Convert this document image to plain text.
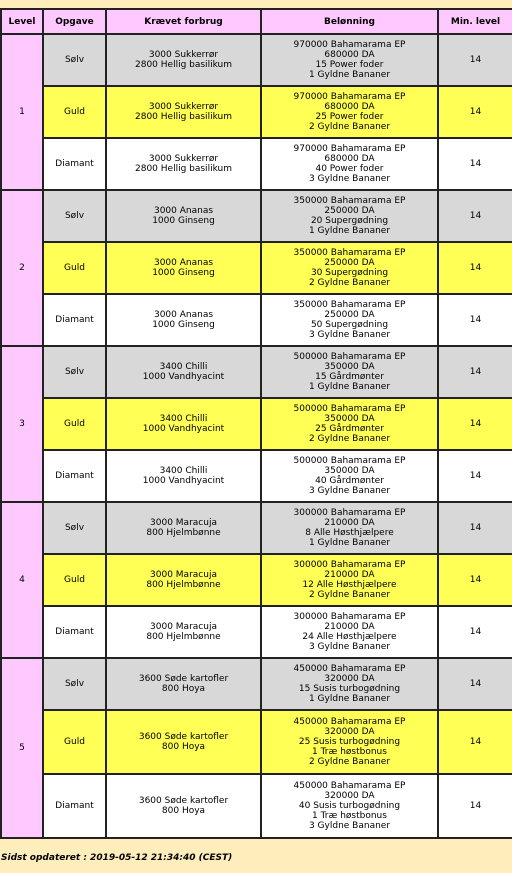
Level	Opgave	Krævet forbrug	Belønning	Min. level
1	Sølv	3000 Sukkerrør
2800 Hellig basilikum	970000 Bahamarama EP
680000 DA
15 Power foder
1 Gyldne Bananer	14
	Guld	3000 Sukkerrør
2800 Hellig basilikum	970000 Bahamarama EP
680000 DA
25 Power foder
2 Gyldne Bananer	14
	Diamant	3000 Sukkerrør
2800 Hellig basilikum	970000 Bahamarama EP
680000 DA
40 Power foder
3 Gyldne Bananer	14
2	Sølv	3000 Ananas
1000 Ginseng	350000 Bahamarama EP
250000 DA
20 Supergødning
1 Gyldne Bananer	14
	Guld	3000 Ananas
1000 Ginseng	350000 Bahamarama EP
250000 DA
30 Supergødning
2 Gyldne Bananer	14
	Diamant	3000 Ananas
1000 Ginseng	350000 Bahamarama EP
250000 DA
50 Supergødning
3 Gyldne Bananer	14
3	Sølv	3400 Chilli
1000 Vandhyacint	500000 Bahamarama EP
350000 DA
15 Gårdmønter
1 Gyldne Bananer	14
	Guld	3400 Chilli
1000 Vandhyacint	500000 Bahamarama EP
350000 DA
25 Gårdmønter
2 Gyldne Bananer	14
	Diamant	3400 Chilli
1000 Vandhyacint	500000 Bahamarama EP
350000 DA
40 Gårdmønter
3 Gyldne Bananer	14
4	Sølv	3000 Maracuja
800 Hjelmbønne	300000 Bahamarama EP
210000 DA
8 Alle Høsthjælpere
1 Gyldne Bananer	14
	Guld	3000 Maracuja
800 Hjelmbønne	300000 Bahamarama EP
210000 DA
12 Alle Høsthjælpere
2 Gyldne Bananer	14
	Diamant	3000 Maracuja
800 Hjelmbønne	300000 Bahamarama EP
210000 DA
24 Alle Høsthjælpere
3 Gyldne Bananer	14
5	Sølv	3600 Søde kartofler
800 Hoya	450000 Bahamarama EP
320000 DA
15 Susis turbogødning
1 Gyldne Bananer	14
	Guld	3600 Søde kartofler
800 Hoya	450000 Bahamarama EP
320000 DA
25 Susis turbogødning
1 Træ høstbonus
2 Gyldne Bananer	14
	Diamant	3600 Søde kartofler
800 Hoya	450000 Bahamarama EP
320000 DA
40 Susis turbogødning
1 Træ høstbonus
3 Gyldne Bananer	14
Sidst opdateret : 2019-05-12 21:34:40 (CEST)
